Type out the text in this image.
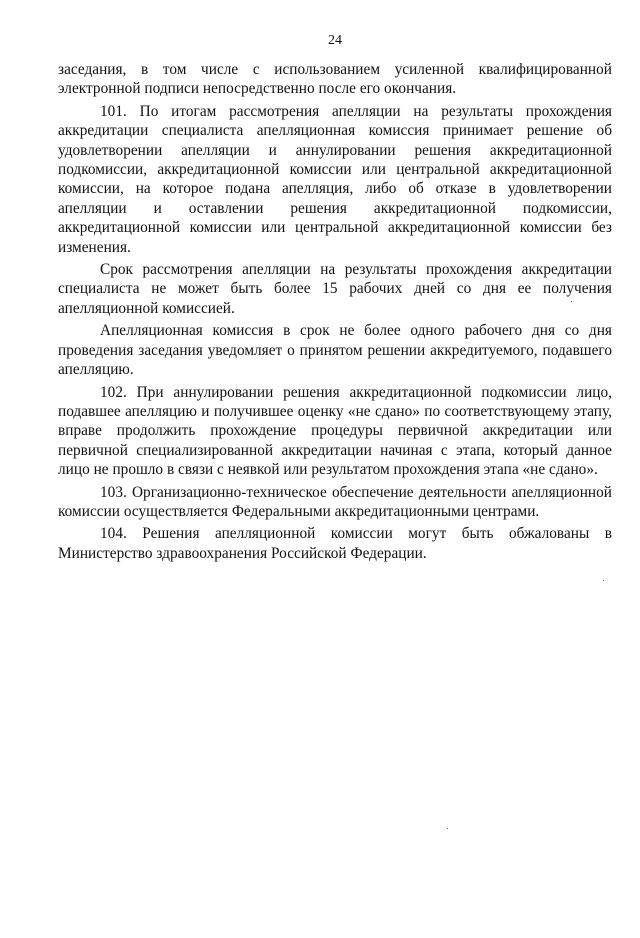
24

заседания, в том числе с использованием усиленной квалифицированной электронной подписи непосредственно после его окончания.

101. По итогам рассмотрения апелляции на результаты прохождения аккредитации специалиста апелляционная комиссия принимает решение об удовлетворении апелляции и аннулировании решения аккредитационной подкомиссии, аккредитационной комиссии или центральной аккредитационной комиссии, на которое подана апелляция, либо об отказе в удовлетворении апелляции и оставлении решения аккредитационной подкомиссии, аккредитационной комиссии или центральной аккредитационной комиссии без изменения.

Срок рассмотрения апелляции на результаты прохождения аккредитации специалиста не может быть более 15 рабочих дней со дня ее получения апелляционной комиссией.

Апелляционная комиссия в срок не более одного рабочего дня со дня проведения заседания уведомляет о принятом решении аккредитуемого, подавшего апелляцию.

102. При аннулировании решения аккредитационной подкомиссии лицо, подавшее апелляцию и получившее оценку «не сдано» по соответствующему этапу, вправе продолжить прохождение процедуры первичной аккредитации или первичной специализированной аккредитации начиная с этапа, который данное лицо не прошло в связи с неявкой или результатом прохождения этапа «не сдано».

103. Организационно-техническое обеспечение деятельности апелляционной комиссии осуществляется Федеральными аккредитационными центрами.

104. Решения апелляционной комиссии могут быть обжалованы в Министерство здравоохранения Российской Федерации.
